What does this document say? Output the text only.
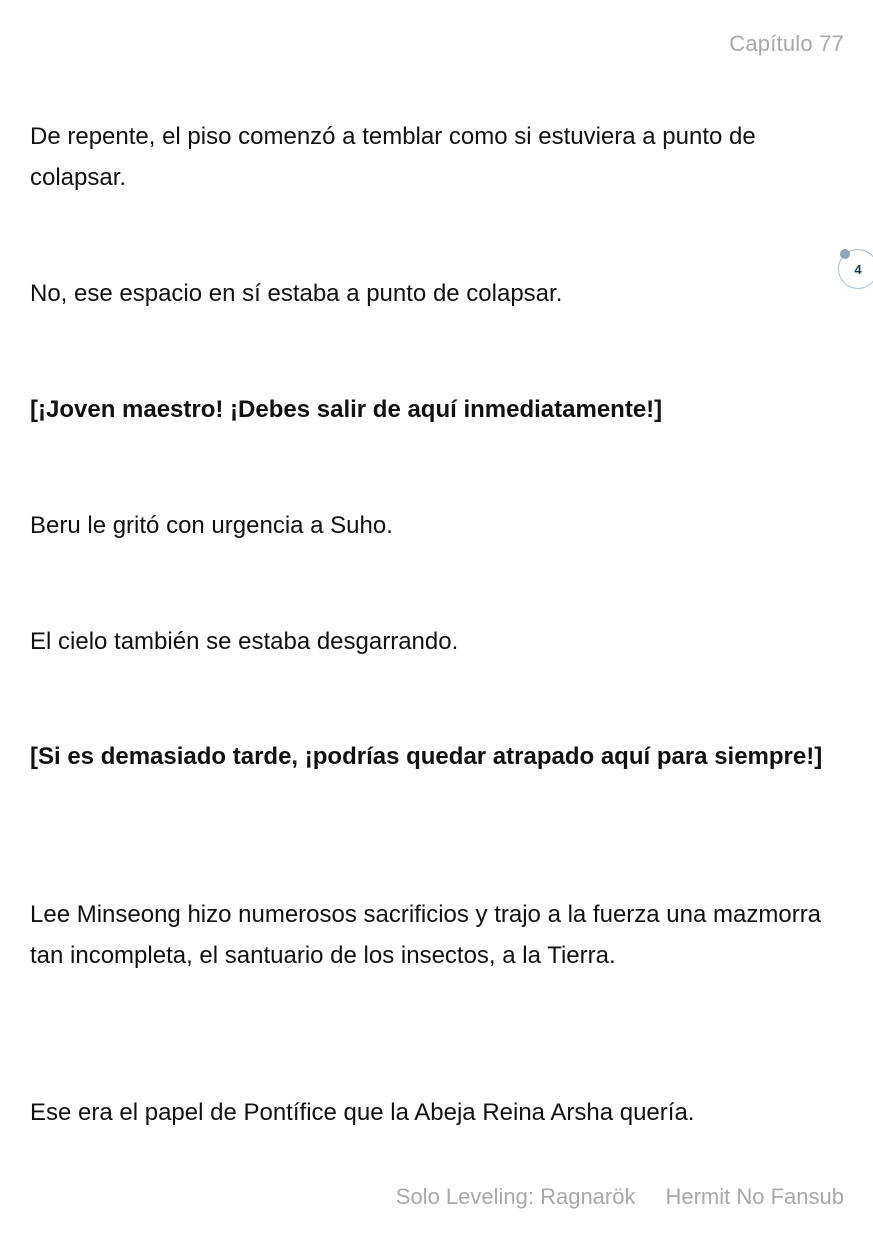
Capítulo 77

De repente, el piso comenzó a temblar como si estuviera a punto de colapsar.

No, ese espacio en sí estaba a punto de colapsar.

[¡Joven maestro! ¡Debes salir de aquí inmediatamente!]

Beru le gritó con urgencia a Suho.

El cielo también se estaba desgarrando.

[Si es demasiado tarde, ¡podrías quedar atrapado aquí para siempre!]

Lee Minseong hizo numerosos sacrificios y trajo a la fuerza una mazmorra tan incompleta, el santuario de los insectos, a la Tierra.

Ese era el papel de Pontífice que la Abeja Reina Arsha quería.

4
Solo Leveling: Ragnarök Hermit No Fansub
